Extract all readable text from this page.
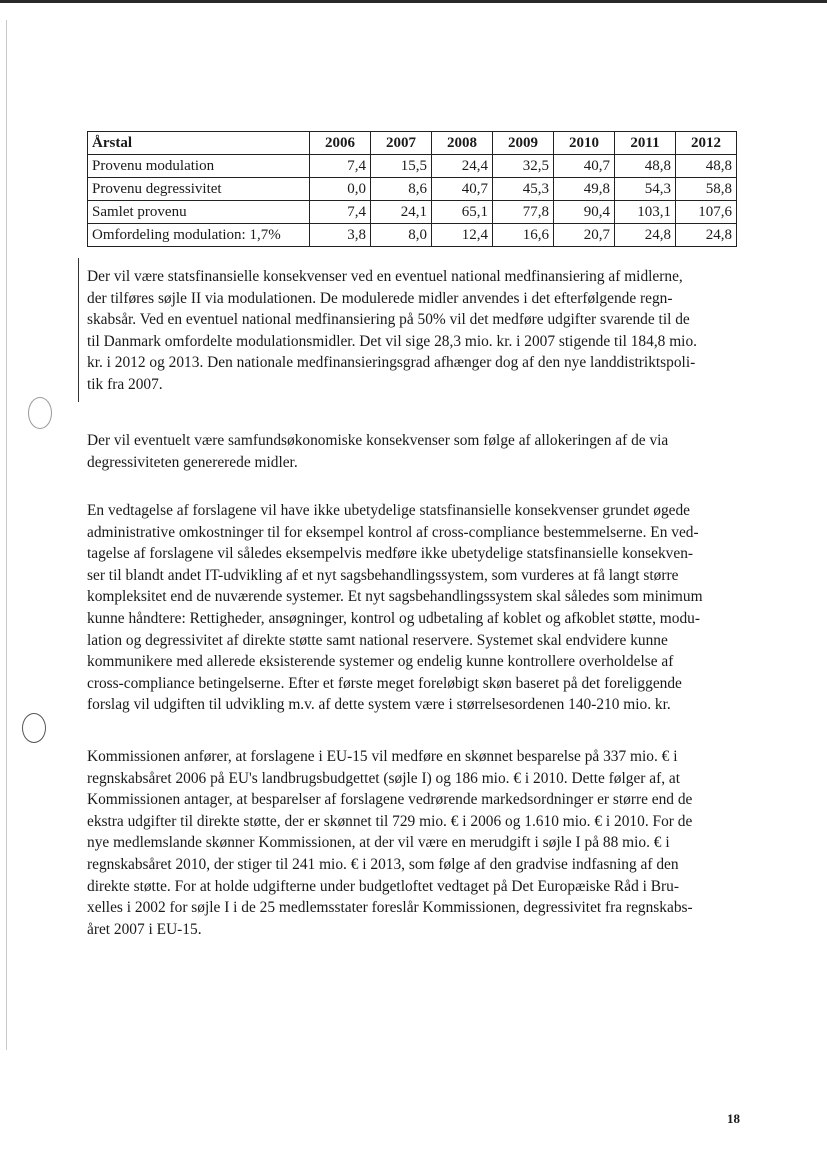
Årstal	2006	2007	2008	2009	2010	2011	2012
Provenu modulation	7,4	15,5	24,4	32,5	40,7	48,8	48,8
Provenu degressivitet	0,0	8,6	40,7	45,3	49,8	54,3	58,8
Samlet provenu	7,4	24,1	65,1	77,8	90,4	103,1	107,6
Omfordeling modulation: 1,7%	3,8	8,0	12,4	16,6	20,7	24,8	24,8
Der vil være statsfinansielle konsekvenser ved en eventuel national medfinansiering af midlerne,
der tilføres søjle II via modulationen. De modulerede midler anvendes i det efterfølgende regn-
skabsår. Ved en eventuel national medfinansiering på 50% vil det medføre udgifter svarende til de
til Danmark omfordelte modulationsmidler. Det vil sige 28,3 mio. kr. i 2007 stigende til 184,8 mio.
kr. i 2012 og 2013. Den nationale medfinansieringsgrad afhænger dog af den nye landdistriktspoli-
tik fra 2007.
Der vil eventuelt være samfundsøkonomiske konsekvenser som følge af allokeringen af de via
degressiviteten genererede midler.
En vedtagelse af forslagene vil have ikke ubetydelige statsfinansielle konsekvenser grundet øgede
administrative omkostninger til for eksempel kontrol af cross-compliance bestemmelserne. En ved-
tagelse af forslagene vil således eksempelvis medføre ikke ubetydelige statsfinansielle konsekven-
ser til blandt andet IT-udvikling af et nyt sagsbehandlingssystem, som vurderes at få langt større
kompleksitet end de nuværende systemer. Et nyt sagsbehandlingssystem skal således som minimum
kunne håndtere: Rettigheder, ansøgninger, kontrol og udbetaling af koblet og afkoblet støtte, modu-
lation og degressivitet af direkte støtte samt national reservere. Systemet skal endvidere kunne
kommunikere med allerede eksisterende systemer og endelig kunne kontrollere overholdelse af
cross-compliance betingelserne. Efter et første meget foreløbigt skøn baseret på det foreliggende
forslag vil udgiften til udvikling m.v. af dette system være i størrelsesordenen 140-210 mio. kr.
Kommissionen anfører, at forslagene i EU-15 vil medføre en skønnet besparelse på 337 mio. € i
regnskabsåret 2006 på EU's landbrugsbudgettet (søjle I) og 186 mio. € i 2010. Dette følger af, at
Kommissionen antager, at besparelser af forslagene vedrørende markedsordninger er større end de
ekstra udgifter til direkte støtte, der er skønnet til 729 mio. € i 2006 og 1.610 mio. € i 2010. For de
nye medlemslande skønner Kommissionen, at der vil være en merudgift i søjle I på 88 mio. € i
regnskabsåret 2010, der stiger til 241 mio. € i 2013, som følge af den gradvise indfasning af den
direkte støtte. For at holde udgifterne under budgetloftet vedtaget på Det Europæiske Råd i Bru-
xelles i 2002 for søjle I i de 25 medlemsstater foreslår Kommissionen, degressivitet fra regnskabs-
året 2007 i EU-15.
18
